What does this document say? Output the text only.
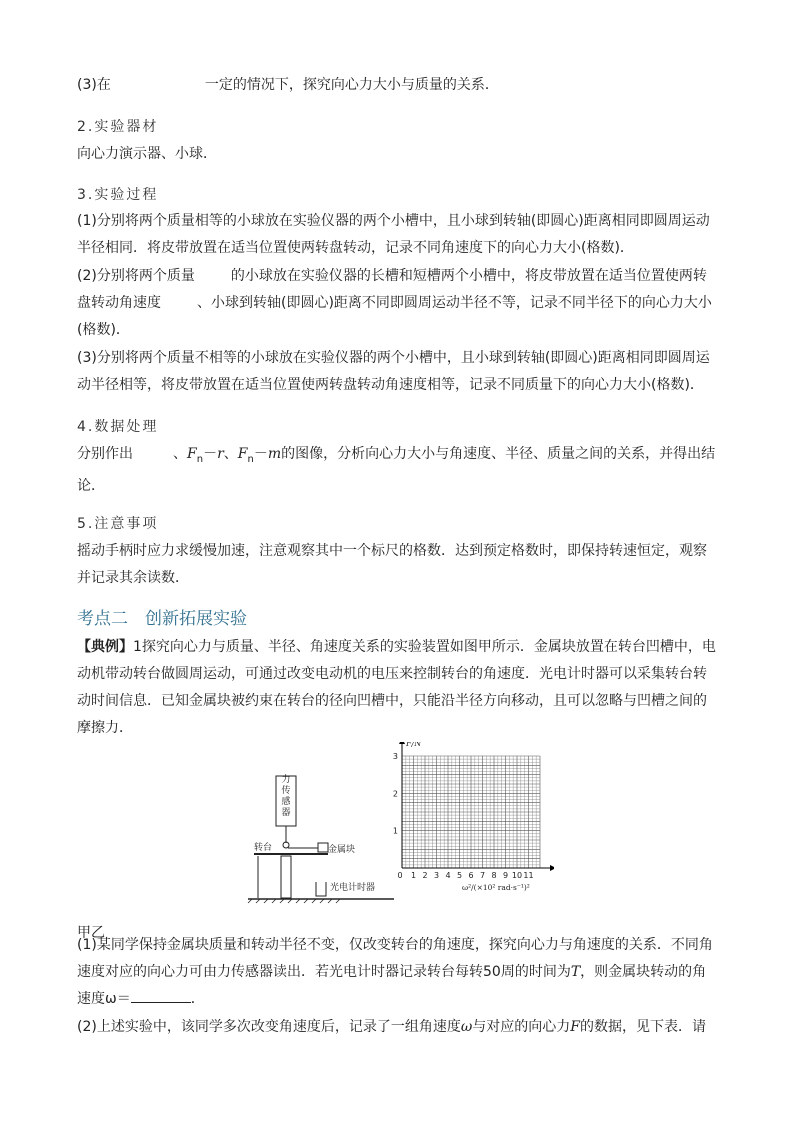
(3)在	一定的情况下，探究向心力大小与质量的关系．

2.实验器材

向心力演示器、小球．

3.实验过程

(1)分别将两个质量相等的小球放在实验仪器的两个小槽中，且小球到转轴(即圆心)距离相同即圆周运动半径相同．将皮带放置在适当位置使两转盘转动，记录不同角速度下的向心力大小(格数)．

(2)分别将两个质量	的小球放在实验仪器的长槽和短槽两个小槽中，将皮带放置在适当位置使两转盘转动角速度	、小球到转轴(即圆心)距离不同即圆周运动半径不等，记录不同半径下的向心力大小(格数)．

(3)分别将两个质量不相等的小球放在实验仪器的两个小槽中，且小球到转轴(即圆心)距离相同即圆周运动半径相等，将皮带放置在适当位置使两转盘转动角速度相等，记录不同质量下的向心力大小(格数)．

4.数据处理

分别作出	、$F_n-r$、$F_n-m$的图像，分析向心力大小与角速度、半径、质量之间的关系，并得出结论．

5.注意事项

摇动手柄时应力求缓慢加速，注意观察其中一个标尺的格数．达到预定格数时，即保持转速恒定，观察并记录其余读数．

考点二　创新拓展实验

【典例】1探究向心力与质量、半径、角速度关系的实验装置如图甲所示．金属块放置在转台凹槽中，电动机带动转台做圆周运动，可通过改变电动机的电压来控制转台的角速度．光电计时器可以采集转台转动时间信息．已知金属块被约束在转台的径向凹槽中，只能沿半径方向移动，且可以忽略与凹槽之间的摩擦力．

力传感器
转台	金属块
光电计时器
0 1 2 3 4 5 6 7 8 9 10 11
1
2
3
F/N
ω²/(×10² rad·s⁻¹)²

甲乙

(1)某同学保持金属块质量和转动半径不变，仅改变转台的角速度，探究向心力与角速度的关系．不同角速度对应的向心力可由力传感器读出．若光电计时器记录转台每转50周的时间为T，则金属块转动的角速度ω＝	．

(2)上述实验中，该同学多次改变角速度后，记录了一组角速度ω与对应的向心力F的数据，见下表．请
